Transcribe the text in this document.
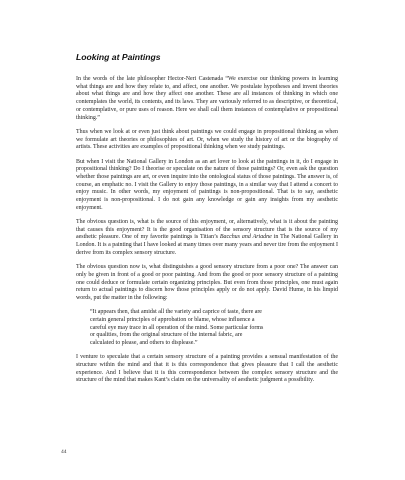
Looking at Paintings

In the words of the late philosopher Hector-Neri Castenada “We exercise our thinking powers in learning what things are and how they relate to, and affect, one another. We postulate hypotheses and invent theories about what things are and how they affect one another. These are all instances of thinking in which one contemplates the world, its contents, and its laws. They are variously referred to as descriptive, or theoretical, or contemplative, or pure uses of reason. Here we shall call them instances of contemplative or propositional thinking.”

Thus when we look at or even just think about paintings we could engage in propositional thinking as when we formulate art theories or philosophies of art. Or, when we study the history of art or the biography of artists. These activities are examples of propositional thinking when we study paintings.

But when I visit the National Gallery in London as an art lover to look at the paintings in it, do I engage in propositional thinking? Do I theorise or speculate on the nature of those paintings? Or, even ask the question whether those paintings are art, or even inquire into the ontological status of those paintings. The answer is, of course, an emphatic no. I visit the Gallery to enjoy those paintings, in a similar way that I attend a concert to enjoy music. In other words, my enjoyment of paintings is non-propositional. That is to say, aesthetic enjoyment is non-propositional. I do not gain any knowledge or gain any insights from my aesthetic enjoyment.

The obvious question is, what is the source of this enjoyment, or, alternatively, what is it about the painting that causes this enjoyment? It is the good organisation of the sensory structure that is the source of my aesthetic pleasure. One of my favorite paintings is Titian’s Bacchus and Ariadne in The National Gallery in London. It is a painting that I have looked at many times over many years and never tire from the enjoyment I derive from its complex sensory structure.

The obvious question now is, what distinguishes a good sensory structure from a poor one? The answer can only be given in front of a good or poor painting. And from the good or poor sensory structure of a painting one could deduce or formulate certain organizing principles. But even from those principles, one must again return to actual paintings to discern how those principles apply or do not apply. David Hume, in his limpid words, put the matter in the following:

“It appears then, that amidst all the variety and caprice of taste, there are
certain general principles of approbation or blame, whose influence a
careful eye may trace in all operation of the mind. Some particular forms
or qualities, from the original structure of the internal fabric, are
calculated to please, and others to displease.”

I venture to speculate that a certain sensory structure of a painting provides a sensual manifestation of the structure within the mind and that it is this correspondence that gives pleasure that I call the aesthetic experience. And I believe that it is this correspondence between the complex sensory structure and the structure of the mind that makes Kant’s claim on the universality of aesthetic judgment a possibility.

44
